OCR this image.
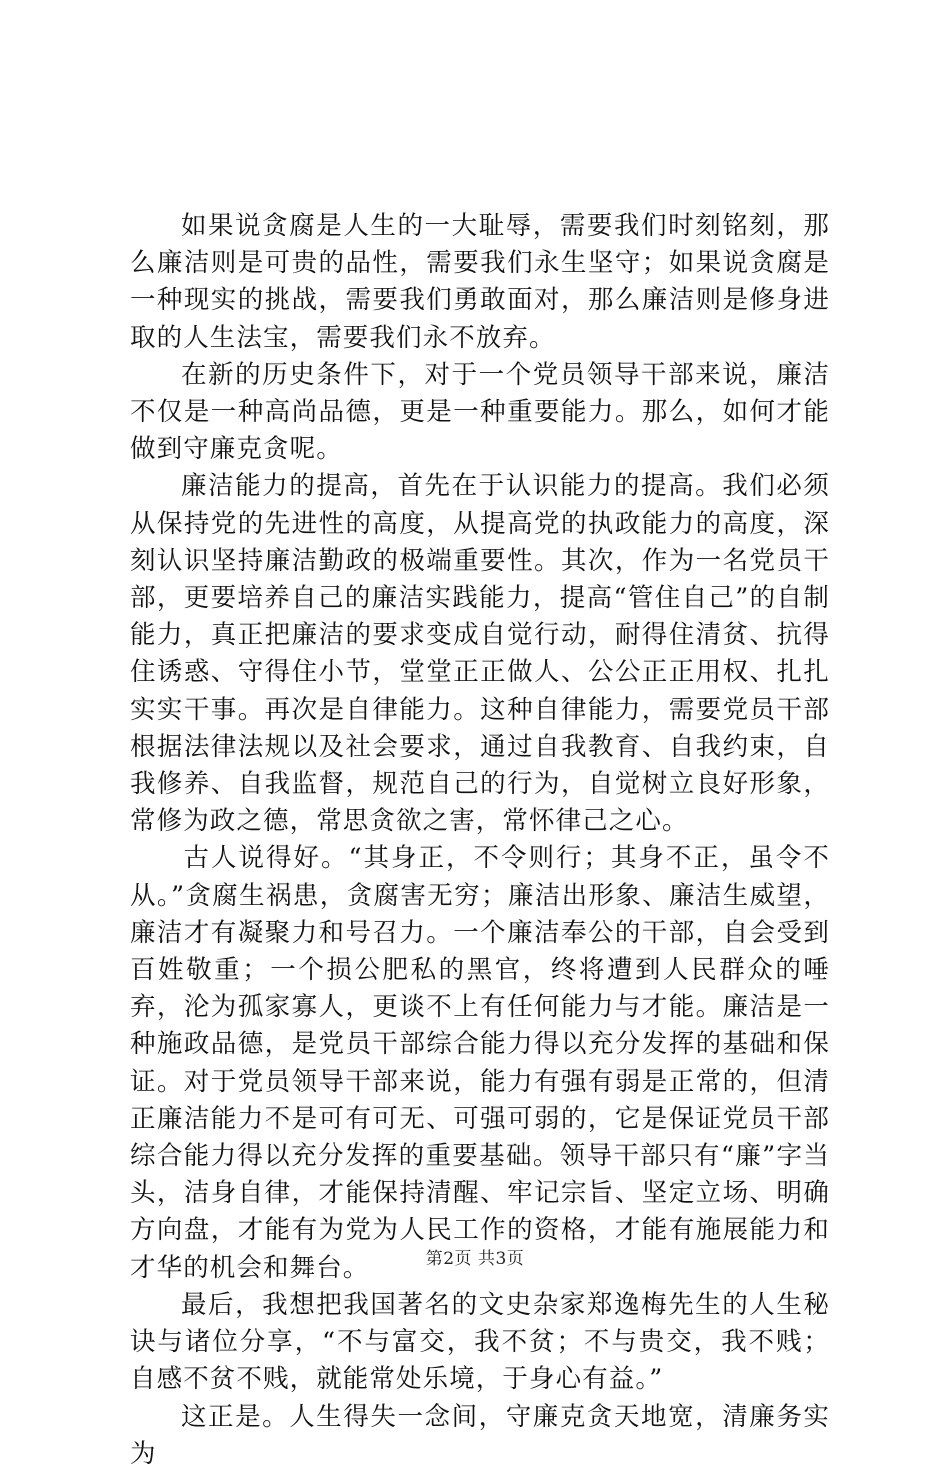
如果说贪腐是人生的一大耻辱，需要我们时刻铭刻，那么廉洁则是可贵的品性，需要我们永生坚守；如果说贪腐是一种现实的挑战，需要我们勇敢面对，那么廉洁则是修身进取的人生法宝，需要我们永不放弃。

在新的历史条件下，对于一个党员领导干部来说，廉洁不仅是一种高尚品德，更是一种重要能力。那么，如何才能做到守廉克贪呢。

廉洁能力的提高，首先在于认识能力的提高。我们必须从保持党的先进性的高度，从提高党的执政能力的高度，深刻认识坚持廉洁勤政的极端重要性。其次，作为一名党员干部，更要培养自己的廉洁实践能力，提高“管住自己”的自制能力，真正把廉洁的要求变成自觉行动，耐得住清贫、抗得住诱惑、守得住小节，堂堂正正做人、公公正正用权、扎扎实实干事。再次是自律能力。这种自律能力，需要党员干部根据法律法规以及社会要求，通过自我教育、自我约束，自我修养、自我监督，规范自己的行为，自觉树立良好形象，常修为政之德，常思贪欲之害，常怀律己之心。

古人说得好。“其身正，不令则行；其身不正，虽令不从。”贪腐生祸患，贪腐害无穷；廉洁出形象、廉洁生威望，廉洁才有凝聚力和号召力。一个廉洁奉公的干部，自会受到百姓敬重；一个损公肥私的黑官，终将遭到人民群众的唾弃，沦为孤家寡人，更谈不上有任何能力与才能。廉洁是一种施政品德，是党员干部综合能力得以充分发挥的基础和保证。对于党员领导干部来说，能力有强有弱是正常的，但清正廉洁能力不是可有可无、可强可弱的，它是保证党员干部综合能力得以充分发挥的重要基础。领导干部只有“廉”字当头，洁身自律，才能保持清醒、牢记宗旨、坚定立场、明确方向盘，才能有为党为人民工作的资格，才能有施展能力和才华的机会和舞台。

最后，我想把我国著名的文史杂家郑逸梅先生的人生秘诀与诸位分享，“不与富交，我不贫；不与贵交，我不贱；自感不贫不贱，就能常处乐境，于身心有益。”

这正是。人生得失一念间，守廉克贪天地宽，清廉务实为

第2页 共3页
